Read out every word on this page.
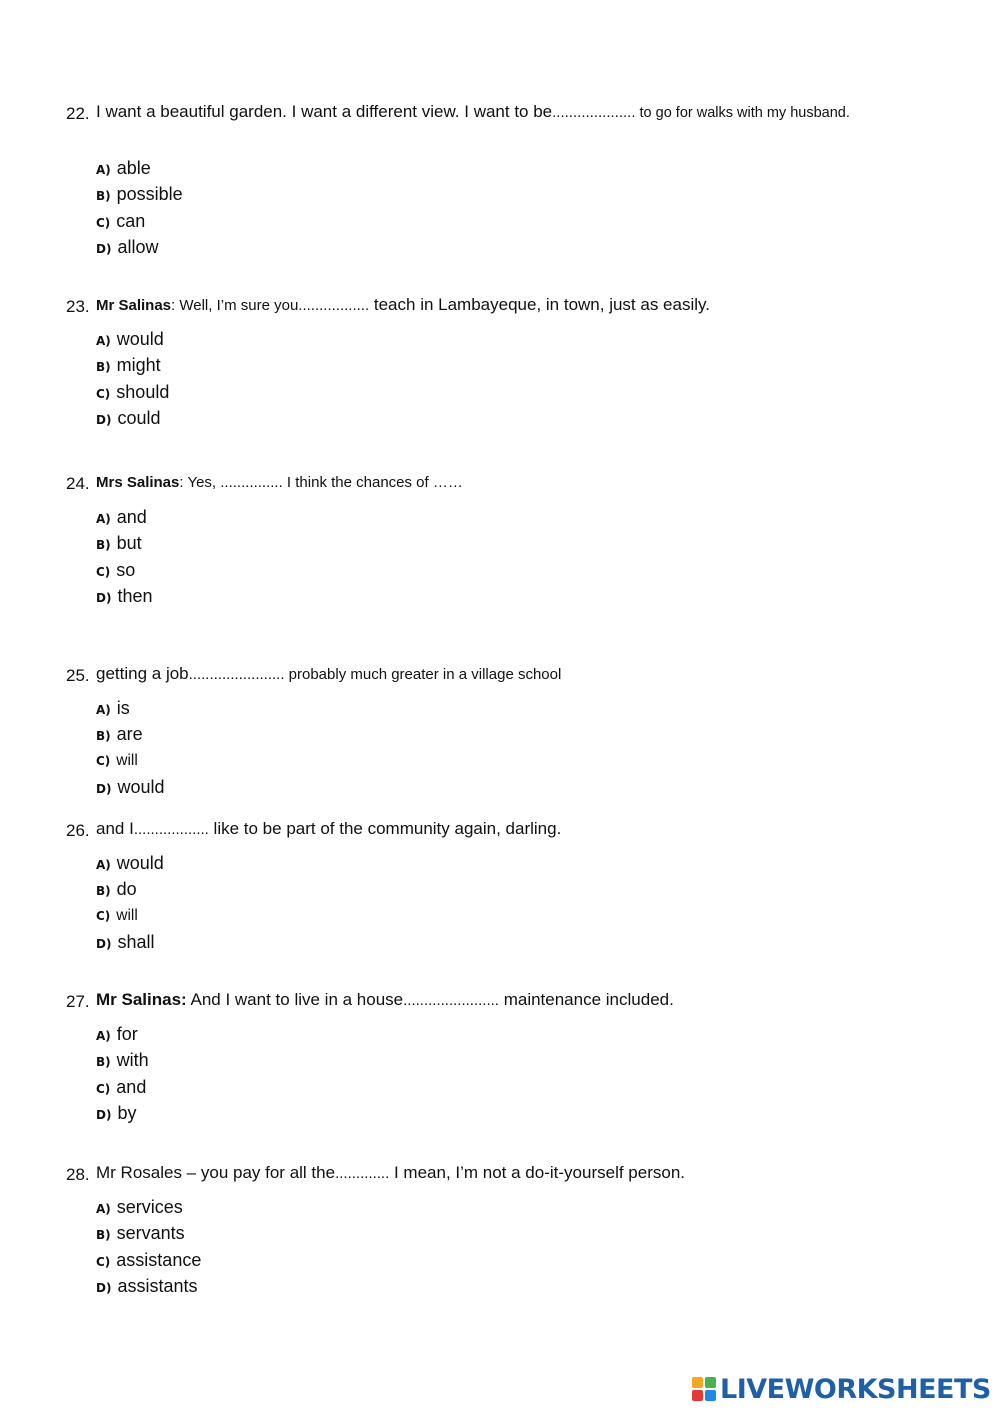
22. I want a beautiful garden. I want a different view. I want to be.................... to go for walks with my husband.
A) able
B) possible
C) can
D) allow
23. Mr Salinas: Well, I’m sure you................. teach in Lambayeque, in town, just as easily.
A) would
B) might
C) should
D) could
24. Mrs Salinas: Yes, ............... I think the chances of ……
A) and
B) but
C) so
D) then
25. getting a job....................... probably much greater in a village school
A) is
B) are
C) will
D) would
26. and I.................. like to be part of the community again, darling.
A) would
B) do
C) will
D) shall
27. Mr Salinas: And I want to live in a house....................... maintenance included.
A) for
B) with
C) and
D) by
28. Mr Rosales – you pay for all the............. I mean, I’m not a do-it-yourself person.
A) services
B) servants
C) assistance
D) assistants
LIVEWORKSHEETS
